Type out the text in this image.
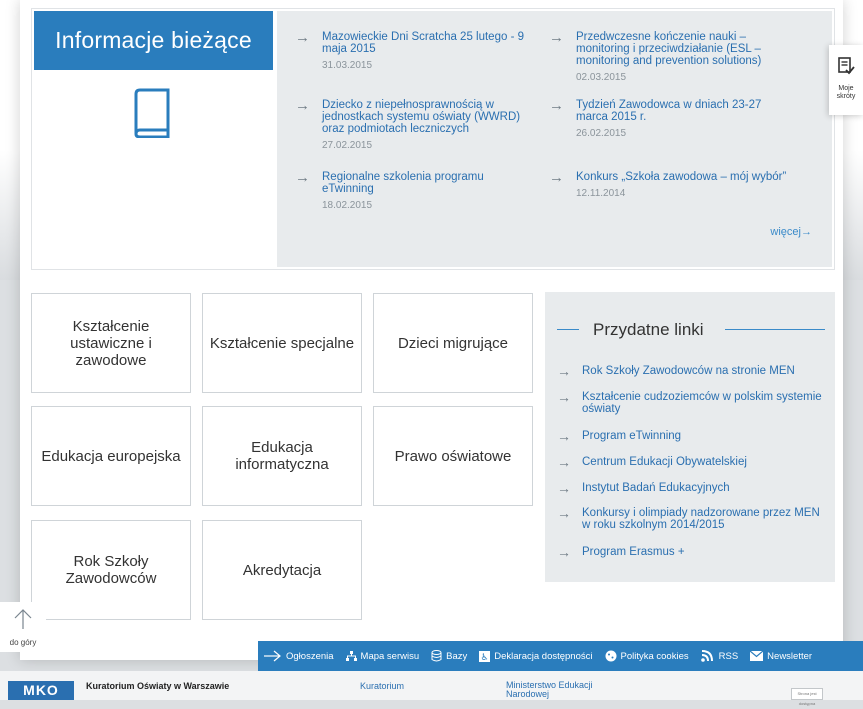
Informacje bieżące	→ Mazowieckie Dni Scratcha 25 lutego - 9 maja 2015
31.03.2015
→ Przedwczesne kończenie nauki – monitoring i przeciwdziałanie (ESL – monitoring and prevention solutions)
02.03.2015
→ Dziecko z niepełnosprawnością w jednostkach systemu oświaty (WWRD) oraz podmiotach leczniczych
27.02.2015
→ Tydzień Zawodowca w dniach 23-27 marca 2015 r.
26.02.2015
→ Regionalne szkolenia programu eTwinning
18.02.2015
→ Konkurs „Szkoła zawodowa – mój wybór”
12.11.2014
więcej→
Kształcenie ustawiczne i zawodowe
Kształcenie specjalne	Dzieci migrujące
Edukacja europejska	Edukacja informatyczna	Prawo oświatowe
Rok Szkoły Zawodowców	Akredytacja
Przydatne linki
→ Rok Szkoły Zawodowców na stronie MEN
→ Kształcenie cudzoziemców w polskim systemie oświaty
→ Program eTwinning
→ Centrum Edukacji Obywatelskiej
→ Instytut Badań Edukacyjnych
→ Konkursy i olimpiady nadzorowane przez MEN w roku szkolnym 2014/2015
→ Program Erasmus +
Moje
skróty
do góry
Ogłoszenia	Mapa serwisu	Bazy ♿ Deklaracja dostępności	Polityka cookies	RSS	Newsletter
MKO	Kuratorium Oświaty w Warszawie	Kuratorium	Ministerstwo Edukacji Narodowej	Strona jest dostępna
